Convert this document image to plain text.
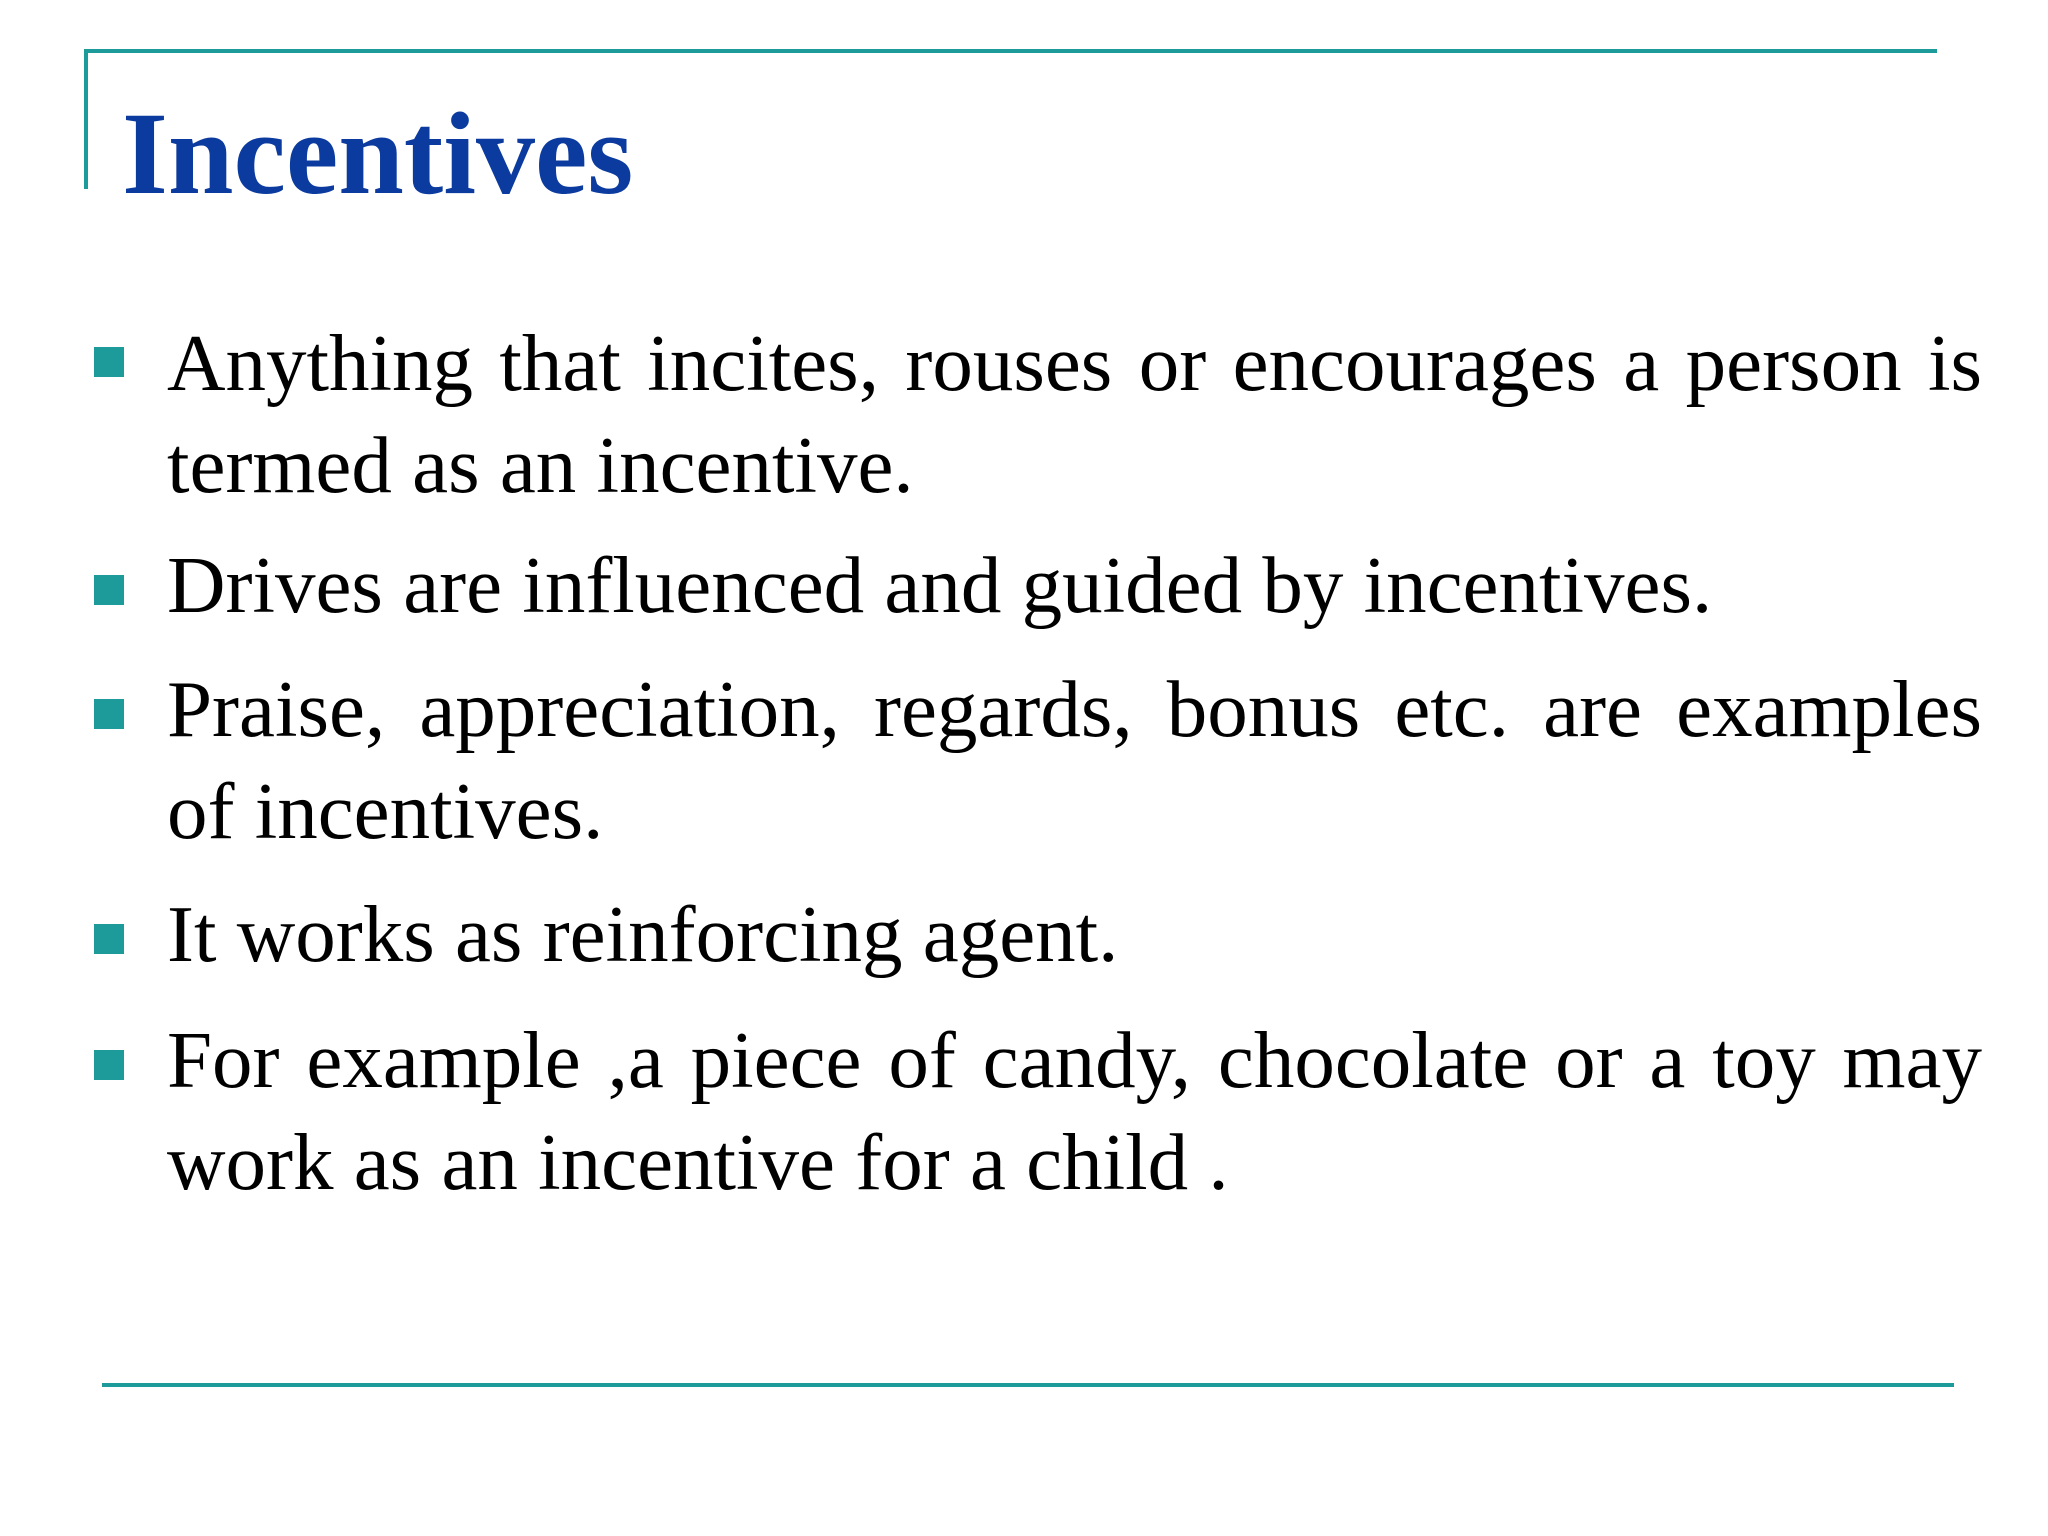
Incentives

Anything that incites, rouses or encourages a person is termed as an incentive.

Drives are influenced and guided by incentives.

Praise, appreciation, regards, bonus etc. are examples of incentives.

It works as reinforcing agent.

For example ,a piece of candy, chocolate or a toy may work as an incentive for a child .
